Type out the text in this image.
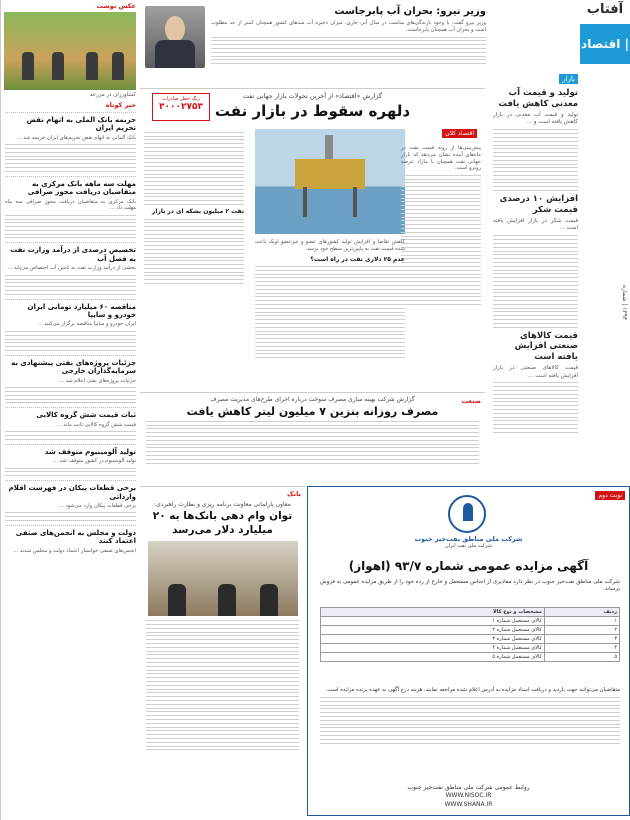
آفتاب
| اقتصاد
۱۳۹۳ | شماره
بازار
تولید و قیمت آب معدنی کاهش یافت
تولید و قیمت آب معدنی در بازار کاهش یافته است و ...
افزایش ۱۰ درصدی قیمت شکر
قیمت شکر در بازار افزایش یافته است ...
قیمت کالاهای صنعتی افزایش یافته است
قیمت کالاهای صنعتی در بازار افزایش یافته است ...
وزیر نیرو: بحران آب پابرجاست
وزیر نیرو گفت: با وجود بارندگی‌های مناسب در سال آبی جاری، میزان ذخیره آب سدهای کشور همچنان کمتر از حد مطلوب است و بحران آب همچنان پابرجاست.
زنگ خطر صادرات
۳۰۰۰۲۷۵۳
گزارش «اقتصاد» از آخرین تحولات بازار جهانی نفت
دلهره سقوط در بازار نفت
اقتصاد کلان
پیش‌بینی‌ها از روند قیمت نفت در ماه‌های آینده نشان می‌دهد که بازار جهانی نفت همچنان با مازاد عرضه روبرو است.
نفت ۲ میلیون بشکه ای در بازار
کاهش تقاضا و افزایش تولید کشورهای عضو و غیرعضو اوپک باعث شده قیمت نفت به پایین‌ترین سطح خود برسد.
عدم ۲۵ دلاری نفت در راه است؟
صنعت
گزارش شرکت بهینه سازی مصرف سوخت درباره اجرای طرح‌های مدیریت مصرف
مصرف روزانه بنزین ۷ میلیون لیتر کاهش یافت
بانک
معاون پارلمانی معاونت برنامه ریزی و نظارت راهبردی:
توان وام دهی بانک‌ها به ۲۰ میلیارد دلار می‌رسد
نوبت دوم
شرکت ملی مناطق نفت‌خیز جنوب
شرکت ملی نفت ایران
آگهی مزایده عمومی شماره ۹۳/۷ (اهواز)
شرکت ملی مناطق نفت‌خیز جنوب در نظر دارد مقادیری از اجناس مستعمل و خارج از رده خود را از طریق مزایده عمومی به فروش برساند.
ردیف	مشخصات و نوع کالا
۱	کالای مستعمل شماره ۱
۲	کالای مستعمل شماره ۲
۳	کالای مستعمل شماره ۳
۴	کالای مستعمل شماره ۴
۵	کالای مستعمل شماره ۵
متقاضیان می‌توانند جهت بازدید و دریافت اسناد مزایده به آدرس اعلام شده مراجعه نمایند. هزینه درج آگهی به عهده برنده مزایده است.
روابط عمومی شرکت ملی مناطق نفت‌خیز جنوب
WWW.NISOC.IR
WWW.SHANA.IR
عکس نوشت
کشاورزان در مزرعه
خبر کوتاه
حریمه بانک الملی به اتهام نقض تحریم ایران

بانک آلمانی به اتهام نقض تحریم‌های ایران جریمه شد ...

مهلت سه ماهه بانک مرکزی به متقاضیان دریافت مجوز صرافی

بانک مرکزی به متقاضیان دریافت مجوز صرافی سه ماه مهلت داد ...

تخصیص درصدی از درآمد وزارت نفت به فصل آب

بخشی از درآمد وزارت نفت به تامین آب اختصاص می‌یابد ...

مناقصه ۶۰ میلیارد تومانی ایران خودرو و سایپا

ایران خودرو و سایپا مناقصه برگزار می‌کنند ...

جزئیات پروژه‌های نفتی پیشنهادی به سرمایه‌گذاران خارجی

جزئیات پروژه‌های نفتی اعلام شد ...

ثبات قیمت شش گروه کالایی

قیمت شش گروه کالایی ثابت ماند ...

تولید آلومینیوم متوقف شد

تولید آلومینیوم در کشور متوقف شد ...

برخی قطعات پیکان در فهرست اقلام وارداتی

برخی قطعات پیکان وارد می‌شود ...

دولت و مجلس به انجمن‌های صنفی اعتماد کنند

انجمن‌های صنفی خواستار اعتماد دولت و مجلس شدند ...
